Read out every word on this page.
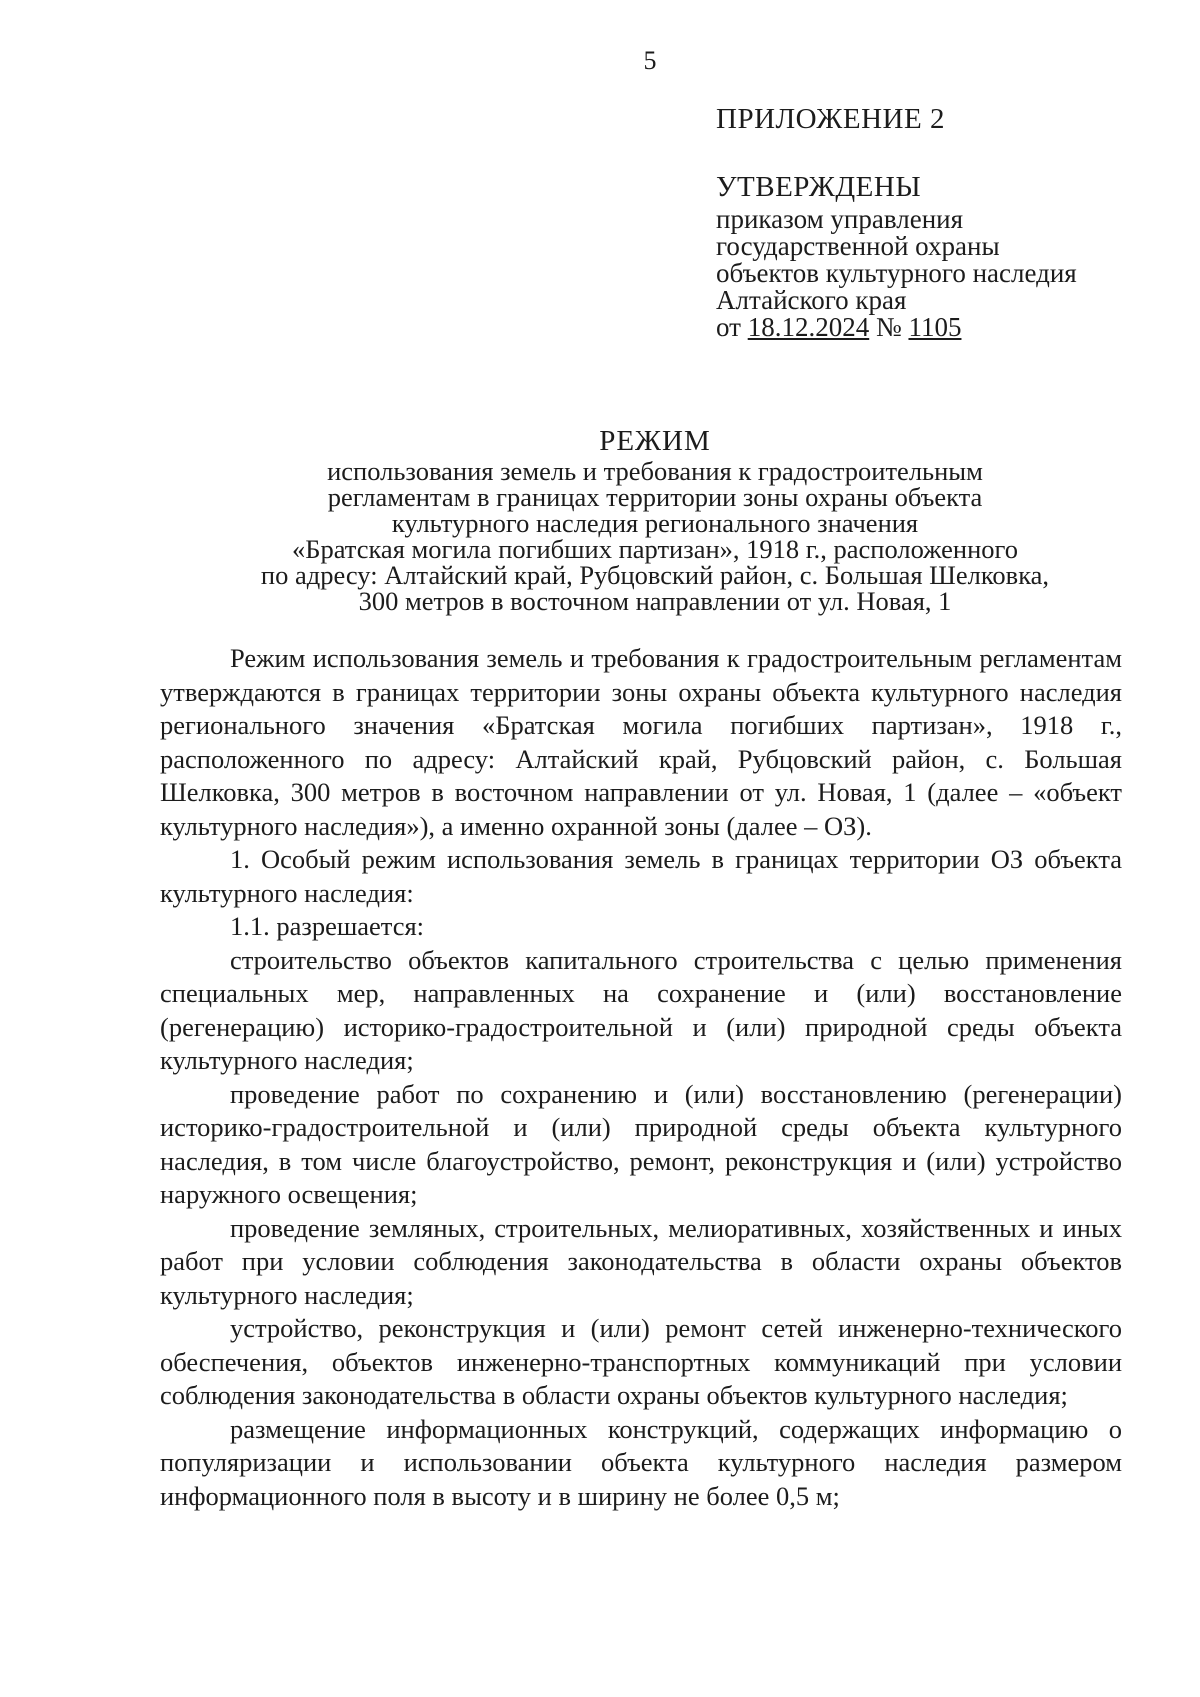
5
ПРИЛОЖЕНИЕ 2
УТВЕРЖДЕНЫ
приказом управления
государственной охраны
объектов культурного наследия
Алтайского края
от 18.12.2024 № 1105
РЕЖИМ
использования земель и требования к градостроительным
регламентам в границах территории зоны охраны объекта
культурного наследия регионального значения
«Братская могила погибших партизан», 1918 г., расположенного
по адресу: Алтайский край, Рубцовский район, с. Большая Шелковка,
300 метров в восточном направлении от ул. Новая, 1

Режим использования земель и требования к градостроительным регламентам утверждаются в границах территории зоны охраны объекта культурного наследия регионального значения «Братская могила погибших партизан», 1918 г., расположенного по адресу: Алтайский край, Рубцовский район, с. Большая Шелковка, 300 метров в восточном направлении от ул. Новая, 1 (далее – «объект культурного наследия»), а именно охранной зоны (далее – ОЗ).

1. Особый режим использования земель в границах территории ОЗ объекта культурного наследия:

1.1. разрешается:

строительство объектов капитального строительства с целью применения специальных мер, направленных на сохранение и (или) восстановление (регенерацию) историко-градостроительной и (или) природной среды объекта культурного наследия;

проведение работ по сохранению и (или) восстановлению (регенерации) историко-градостроительной и (или) природной среды объекта культурного наследия, в том числе благоустройство, ремонт, реконструкция и (или) устройство наружного освещения;

проведение земляных, строительных, мелиоративных, хозяйственных и иных работ при условии соблюдения законодательства в области охраны объектов культурного наследия;

устройство, реконструкция и (или) ремонт сетей инженерно-технического обеспечения, объектов инженерно-транспортных коммуникаций при условии соблюдения законодательства в области охраны объектов культурного наследия;

размещение информационных конструкций, содержащих информацию о популяризации и использовании объекта культурного наследия размером информационного поля в высоту и в ширину не более 0,5 м;
